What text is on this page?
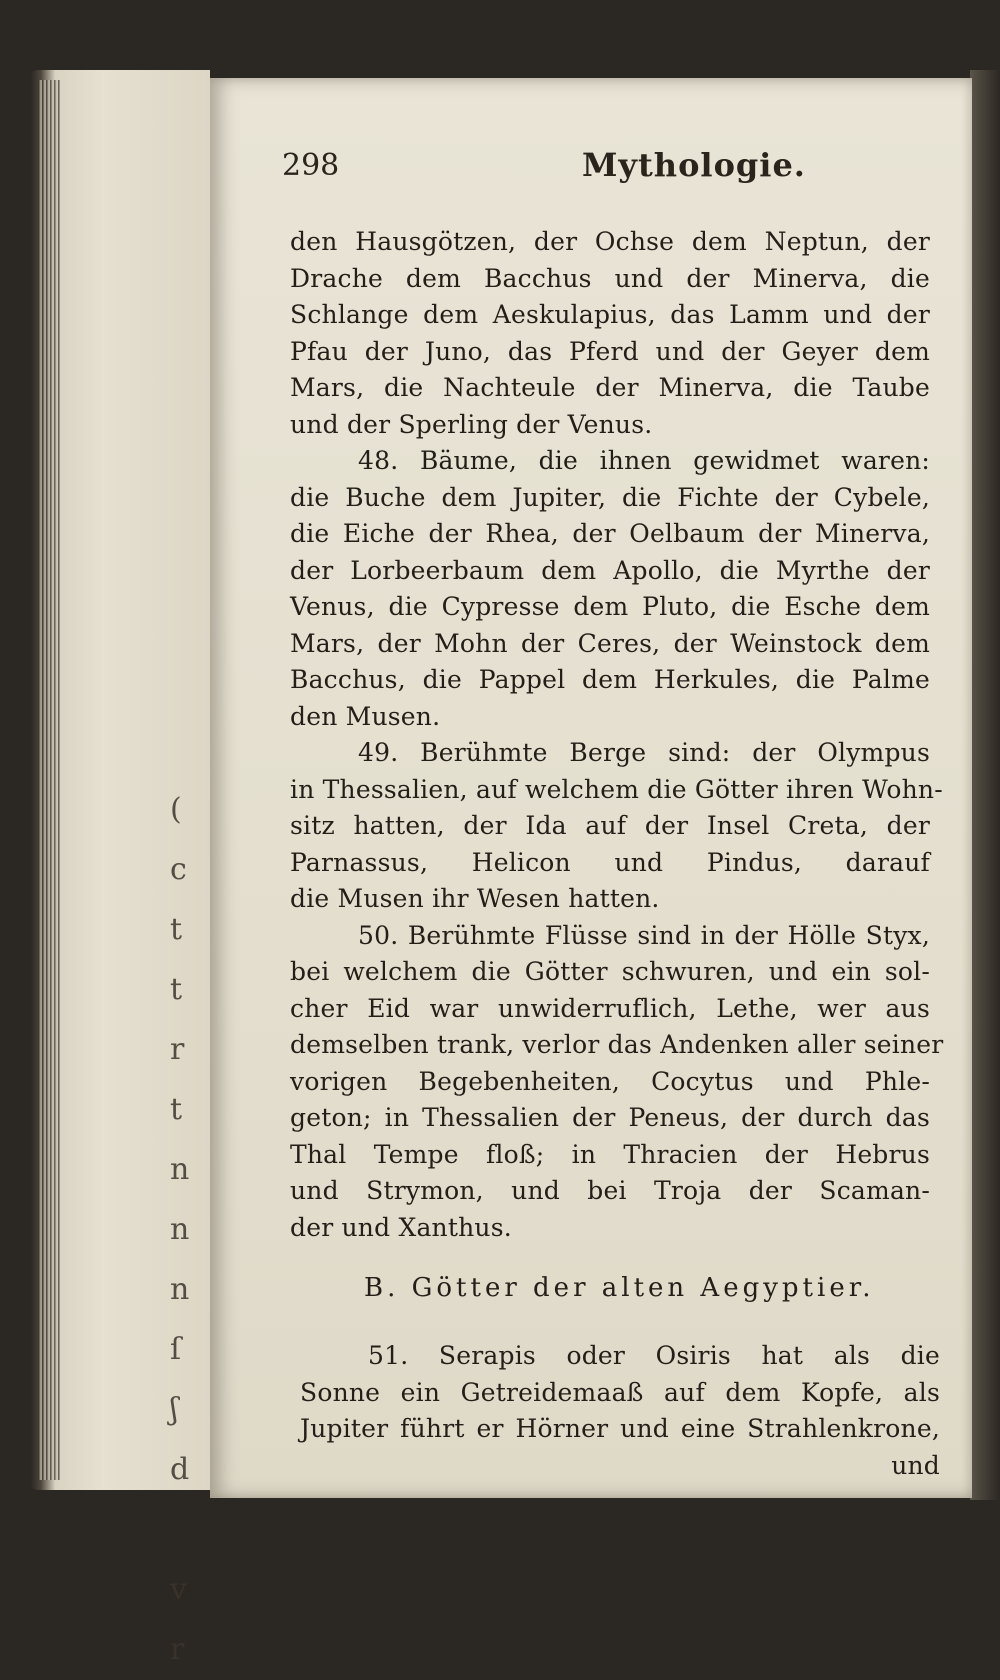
298	Mythologie.
den Hausgötzen, der Ochse dem Neptun, der
Drache dem Bacchus und der Minerva, die
Schlange dem Aeskulapius, das Lamm und der
Pfau der Juno, das Pferd und der Geyer dem
Mars, die Nachteule der Minerva, die Taube
und der Sperling der Venus.
48. Bäume, die ihnen gewidmet waren:
die Buche dem Jupiter, die Fichte der Cybele,
die Eiche der Rhea, der Oelbaum der Minerva,
der Lorbeerbaum dem Apollo, die Myrthe der
Venus, die Cypresse dem Pluto, die Esche dem
Mars, der Mohn der Ceres, der Weinstock dem
Bacchus, die Pappel dem Herkules, die Palme
den Musen.
49. Berühmte Berge sind: der Olympus
in Thessalien, auf welchem die Götter ihren Wohn-
sitz hatten, der Ida auf der Insel Creta, der
Parnassus, Helicon und Pindus, darauf
die Musen ihr Wesen hatten.
50. Berühmte Flüsse sind in der Hölle Styx,
bei welchem die Götter schwuren, und ein sol-
cher Eid war unwiderruflich, Lethe, wer aus
demselben trank, verlor das Andenken aller seiner
vorigen Begebenheiten, Cocytus und Phle-
geton; in Thessalien der Peneus, der durch das
Thal Tempe floß; in Thracien der Hebrus
und Strymon, und bei Troja der Scaman-
der und Xanthus.
B. Götter der alten Aegyptier.
51. Serapis oder Osiris hat als die
Sonne ein Getreidemaaß auf dem Kopfe, als
Jupiter führt er Hörner und eine Strahlenkrone,
und
(
c
t
t
r
t
n
n
n
ſ
ʃ
d

v
r
